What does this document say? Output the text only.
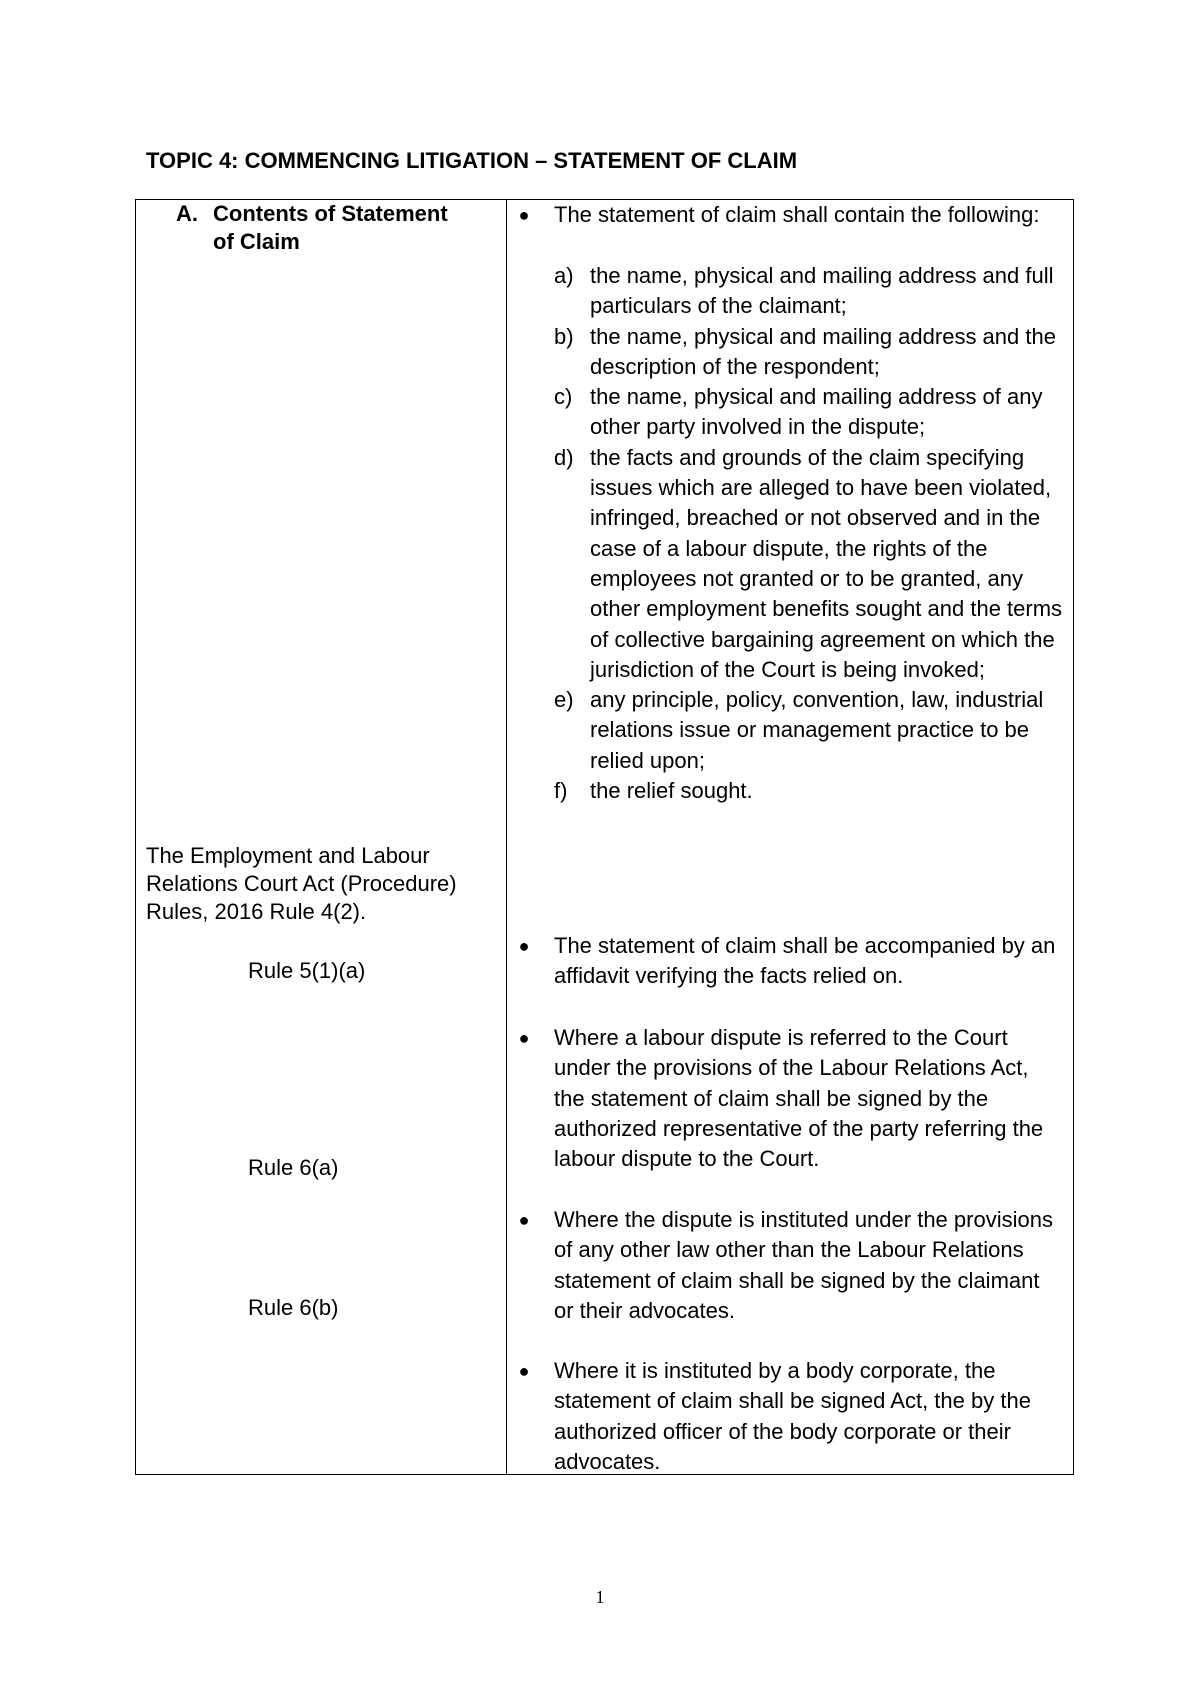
TOPIC 4: COMMENCING LITIGATION – STATEMENT OF CLAIM
A. Contents of Statement of Claim
The Employment and Labour Relations Court Act (Procedure) Rules, 2016 Rule 4(2).
Rule 5(1)(a)
Rule 6(a)
Rule 6(b)
● The statement of claim shall contain the following:
a) the name, physical and mailing address and full particulars of the claimant;
b) the name, physical and mailing address and the description of the respondent;
c) the name, physical and mailing address of any other party involved in the dispute;
d) the facts and grounds of the claim specifying issues which are alleged to have been violated, infringed, breached or not observed and in the case of a labour dispute, the rights of the employees not granted or to be granted, any other employment benefits sought and the terms of collective bargaining agreement on which the jurisdiction of the Court is being invoked;
e) any principle, policy, convention, law, industrial relations issue or management practice to be relied upon;
f) the relief sought.
● The statement of claim shall be accompanied by an affidavit verifying the facts relied on.
● Where a labour dispute is referred to the Court under the provisions of the Labour Relations Act, the statement of claim shall be signed by the authorized representative of the party referring the labour dispute to the Court.
● Where the dispute is instituted under the provisions of any other law other than the Labour Relations statement of claim shall be signed by the claimant or their advocates.
● Where it is instituted by a body corporate, the statement of claim shall be signed Act, the by the authorized officer of the body corporate or their advocates.
1
